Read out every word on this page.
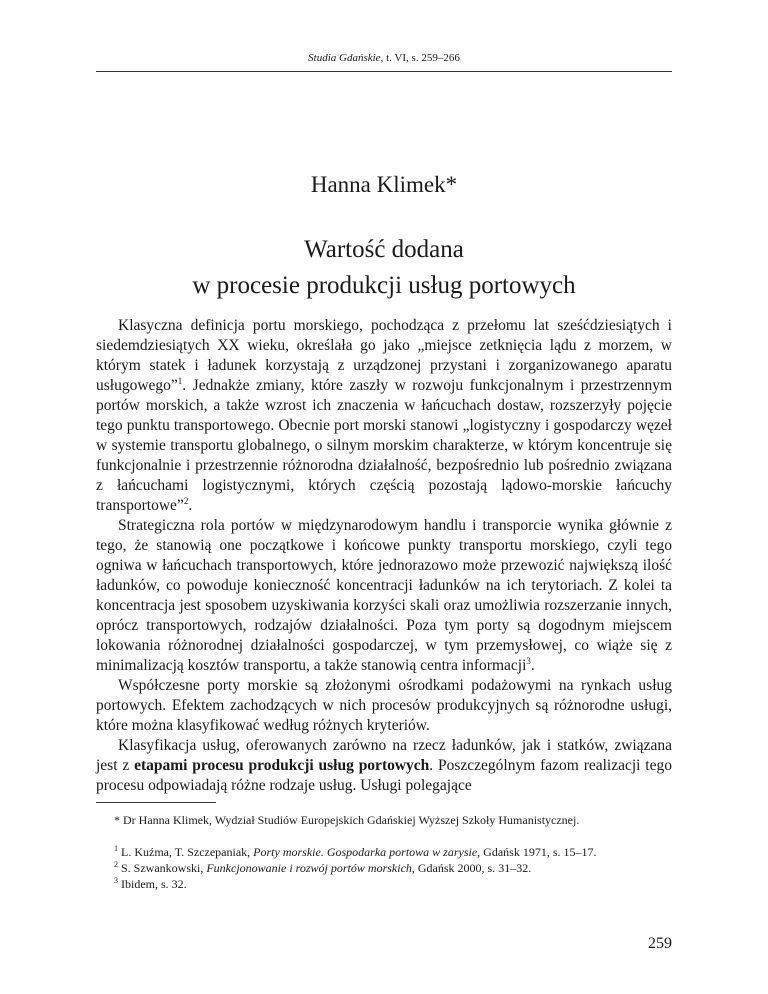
Studia Gdańskie, t. VI, s. 259–266
Hanna Klimek*
Wartość dodana
w procesie produkcji usług portowych

Klasyczna definicja portu morskiego, pochodząca z przełomu lat sześćdziesiątych i siedemdziesiątych XX wieku, określała go jako „miejsce zetknięcia lądu z morzem, w którym statek i ładunek korzystają z urządzonej przystani i zorganizowanego aparatu usługowego”$^1$. Jednakże zmiany, które zaszły w rozwoju funkcjonalnym i przestrzennym portów morskich, a także wzrost ich znaczenia w łańcuchach dostaw, rozszerzyły pojęcie tego punktu transportowego. Obecnie port morski stanowi „logistyczny i gospodarczy węzeł w systemie transportu globalnego, o silnym morskim charakterze, w którym koncentruje się funkcjonalnie i przestrzennie różnorodna działalność, bezpośrednio lub pośrednio związana z łańcuchami logistycznymi, których częścią pozostają lądowo-morskie łańcuchy transportowe”$^2$.

Strategiczna rola portów w międzynarodowym handlu i transporcie wynika głównie z tego, że stanowią one początkowe i końcowe punkty transportu morskiego, czyli tego ogniwa w łańcuchach transportowych, które jednorazowo może przewozić największą ilość ładunków, co powoduje konieczność koncentracji ładunków na ich terytoriach. Z kolei ta koncentracja jest sposobem uzyskiwania korzyści skali oraz umożliwia rozszerzanie innych, oprócz transportowych, rodzajów działalności. Poza tym porty są dogodnym miejscem lokowania różnorodnej działalności gospodarczej, w tym przemysłowej, co wiąże się z minimalizacją kosztów transportu, a także stanowią centra informacji$^3$.

Współczesne porty morskie są złożonymi ośrodkami podażowymi na rynkach usług portowych. Efektem zachodzących w nich procesów produkcyjnych są różnorodne usługi, które można klasyfikować według różnych kryteriów.

Klasyfikacja usług, oferowanych zarówno na rzecz ładunków, jak i statków, związana jest z etapami procesu produkcji usług portowych. Poszczególnym fazom realizacji tego procesu odpowiadają różne rodzaje usług. Usługi polegające

* Dr Hanna Klimek, Wydział Studiów Europejskich Gdańskiej Wyższej Szkoły Humanistycznej.

$^1$ L. Kuźma, T. Szczepaniak, Porty morskie. Gospodarka portowa w zarysie, Gdańsk 1971, s. 15–17.

$^2$ S. Szwankowski, Funkcjonowanie i rozwój portów morskich, Gdańsk 2000, s. 31–32.

$^3$ Ibidem, s. 32.

259
